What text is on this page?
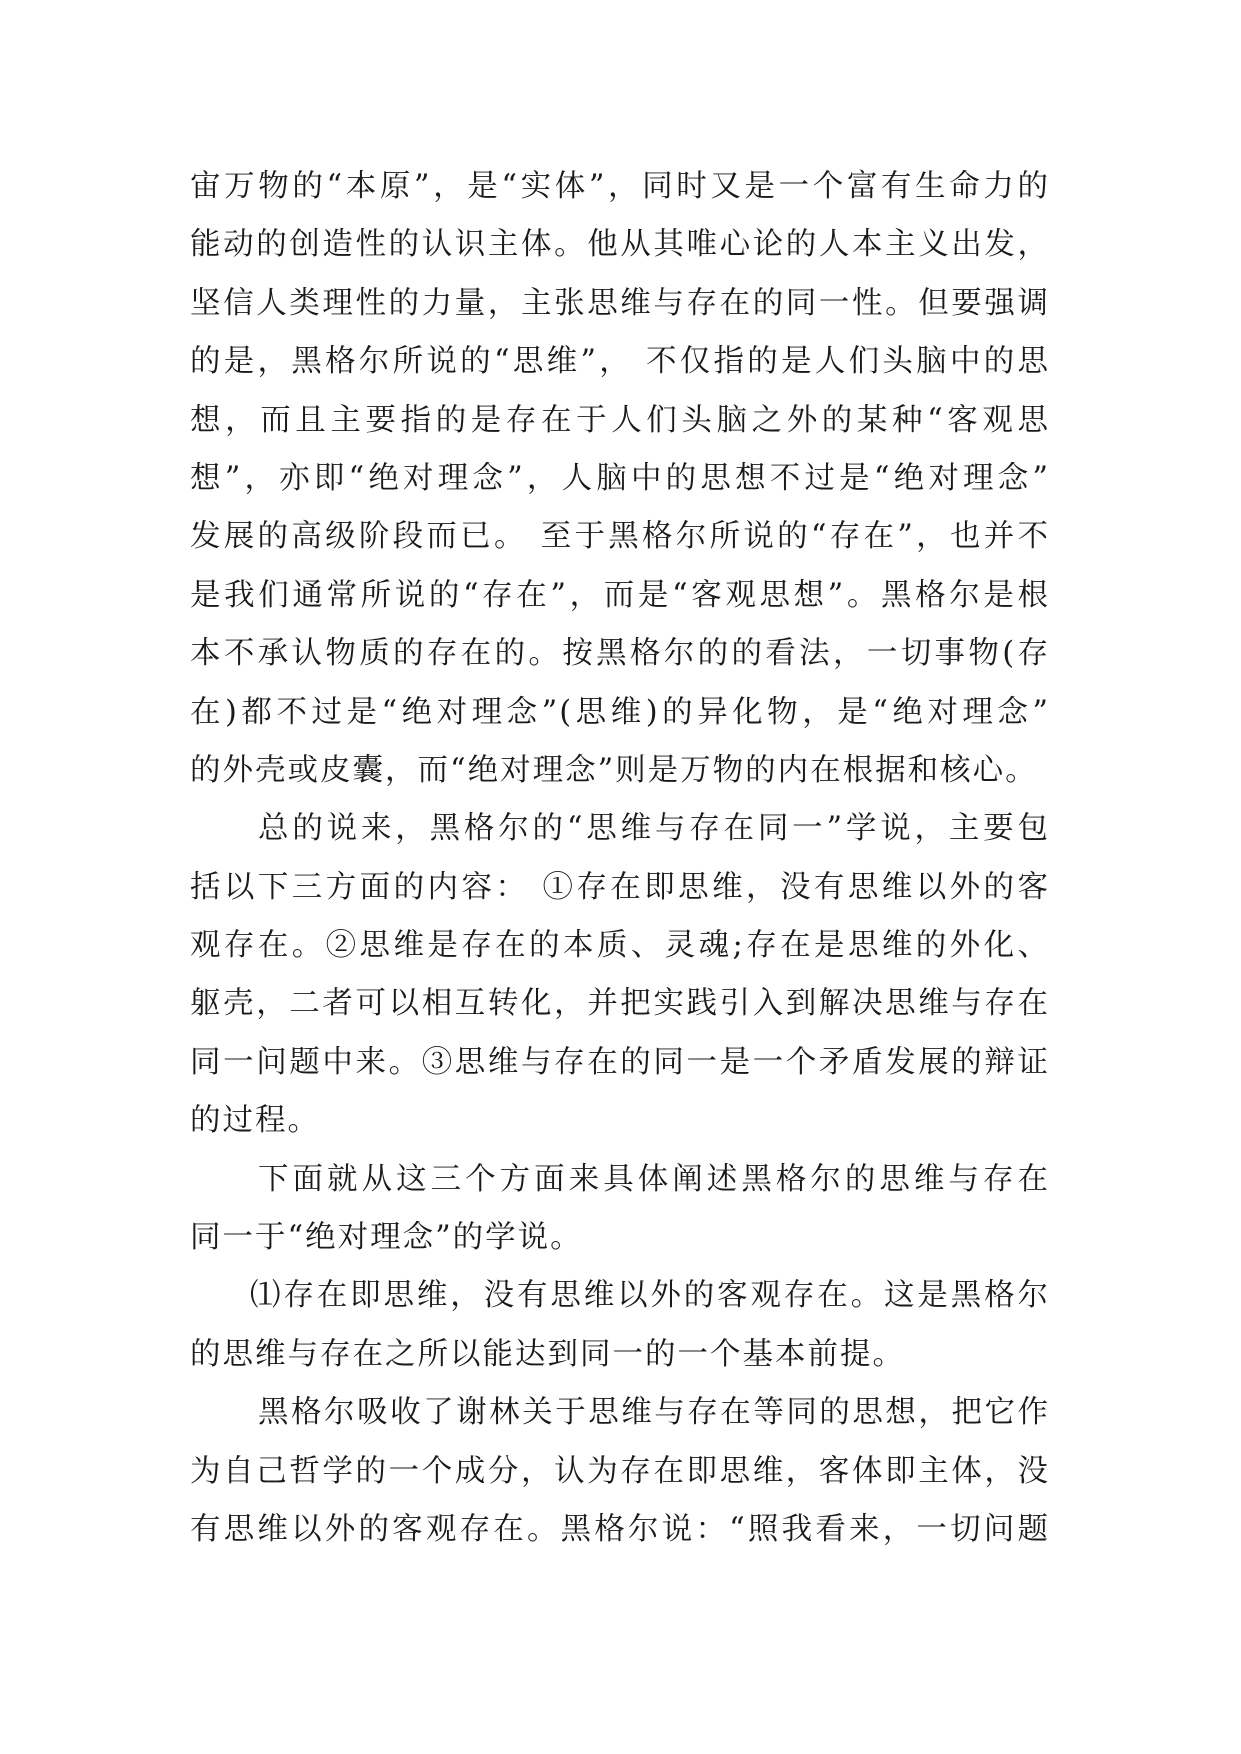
宙万物的“本原”，是“实体”，同时又是一个富有生命力的
能动的创造性的认识主体。他从其唯心论的人本主义出发，
坚信人类理性的力量，主张思维与存在的同一性。但要强调
的是，黑格尔所说的“思维”， 不仅指的是人们头脑中的思
想，而且主要指的是存在于人们头脑之外的某种“客观思
想”，亦即“绝对理念”，人脑中的思想不过是“绝对理念”
发展的高级阶段而已。 至于黑格尔所说的“存在”，也并不
是我们通常所说的“存在”，而是“客观思想”。黑格尔是根
本不承认物质的存在的。按黑格尔的的看法，一切事物(存
在)都不过是“绝对理念”(思维)的异化物，是“绝对理念”
的外壳或皮囊，而“绝对理念”则是万物的内在根据和核心。
总的说来，黑格尔的“思维与存在同一”学说，主要包
括以下三方面的内容： ①存在即思维，没有思维以外的客
观存在。②思维是存在的本质、灵魂;存在是思维的外化、
躯壳，二者可以相互转化，并把实践引入到解决思维与存在
同一问题中来。③思维与存在的同一是一个矛盾发展的辩证
的过程。
下面就从这三个方面来具体阐述黑格尔的思维与存在
同一于“绝对理念”的学说。
⑴存在即思维，没有思维以外的客观存在。这是黑格尔
的思维与存在之所以能达到同一的一个基本前提。
黑格尔吸收了谢林关于思维与存在等同的思想，把它作
为自己哲学的一个成分，认为存在即思维，客体即主体，没
有思维以外的客观存在。黑格尔说：“照我看来，一切问题
